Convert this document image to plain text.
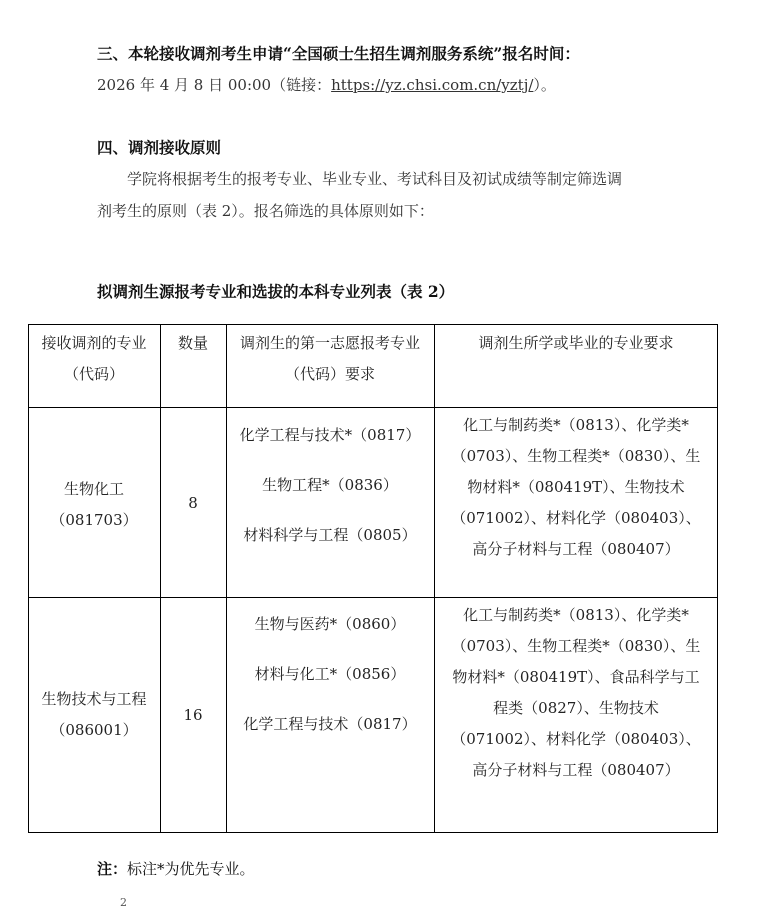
三、本轮接收调剂考生申请“全国硕士生招生调剂服务系统”报名时间：
2026 年 4 月 8 日 00:00（链接：https://yz.chsi.com.cn/yztj/）。
四、调剂接收原则
学院将根据考生的报考专业、毕业专业、考试科目及初试成绩等制定筛选调
剂考生的原则（表 2）。报名筛选的具体原则如下：
拟调剂生源报考专业和选拔的本科专业列表（表 2）
接收调剂的专业
（代码）
数量	调剂生的第一志愿报考专业
（代码）要求
调剂生所学或毕业的专业要求
生物化工
（081703）
8
化学工程与技术*（0817）
生物工程*（0836）
材料科学与工程（0805）
化工与制药类*（0813）、化学类*
（0703）、生物工程类*（0830）、生
物材料*（080419T）、生物技术
（071002）、材料化学（080403）、
高分子材料与工程（080407）
生物技术与工程
（086001）
16
生物与医药*（0860）
材料与化工*（0856）
化学工程与技术（0817）
化工与制药类*（0813）、化学类*
（0703）、生物工程类*（0830）、生
物材料*（080419T）、食品科学与工
程类（0827）、生物技术
（071002）、材料化学（080403）、
高分子材料与工程（080407）
注：标注*为优先专业。
2
